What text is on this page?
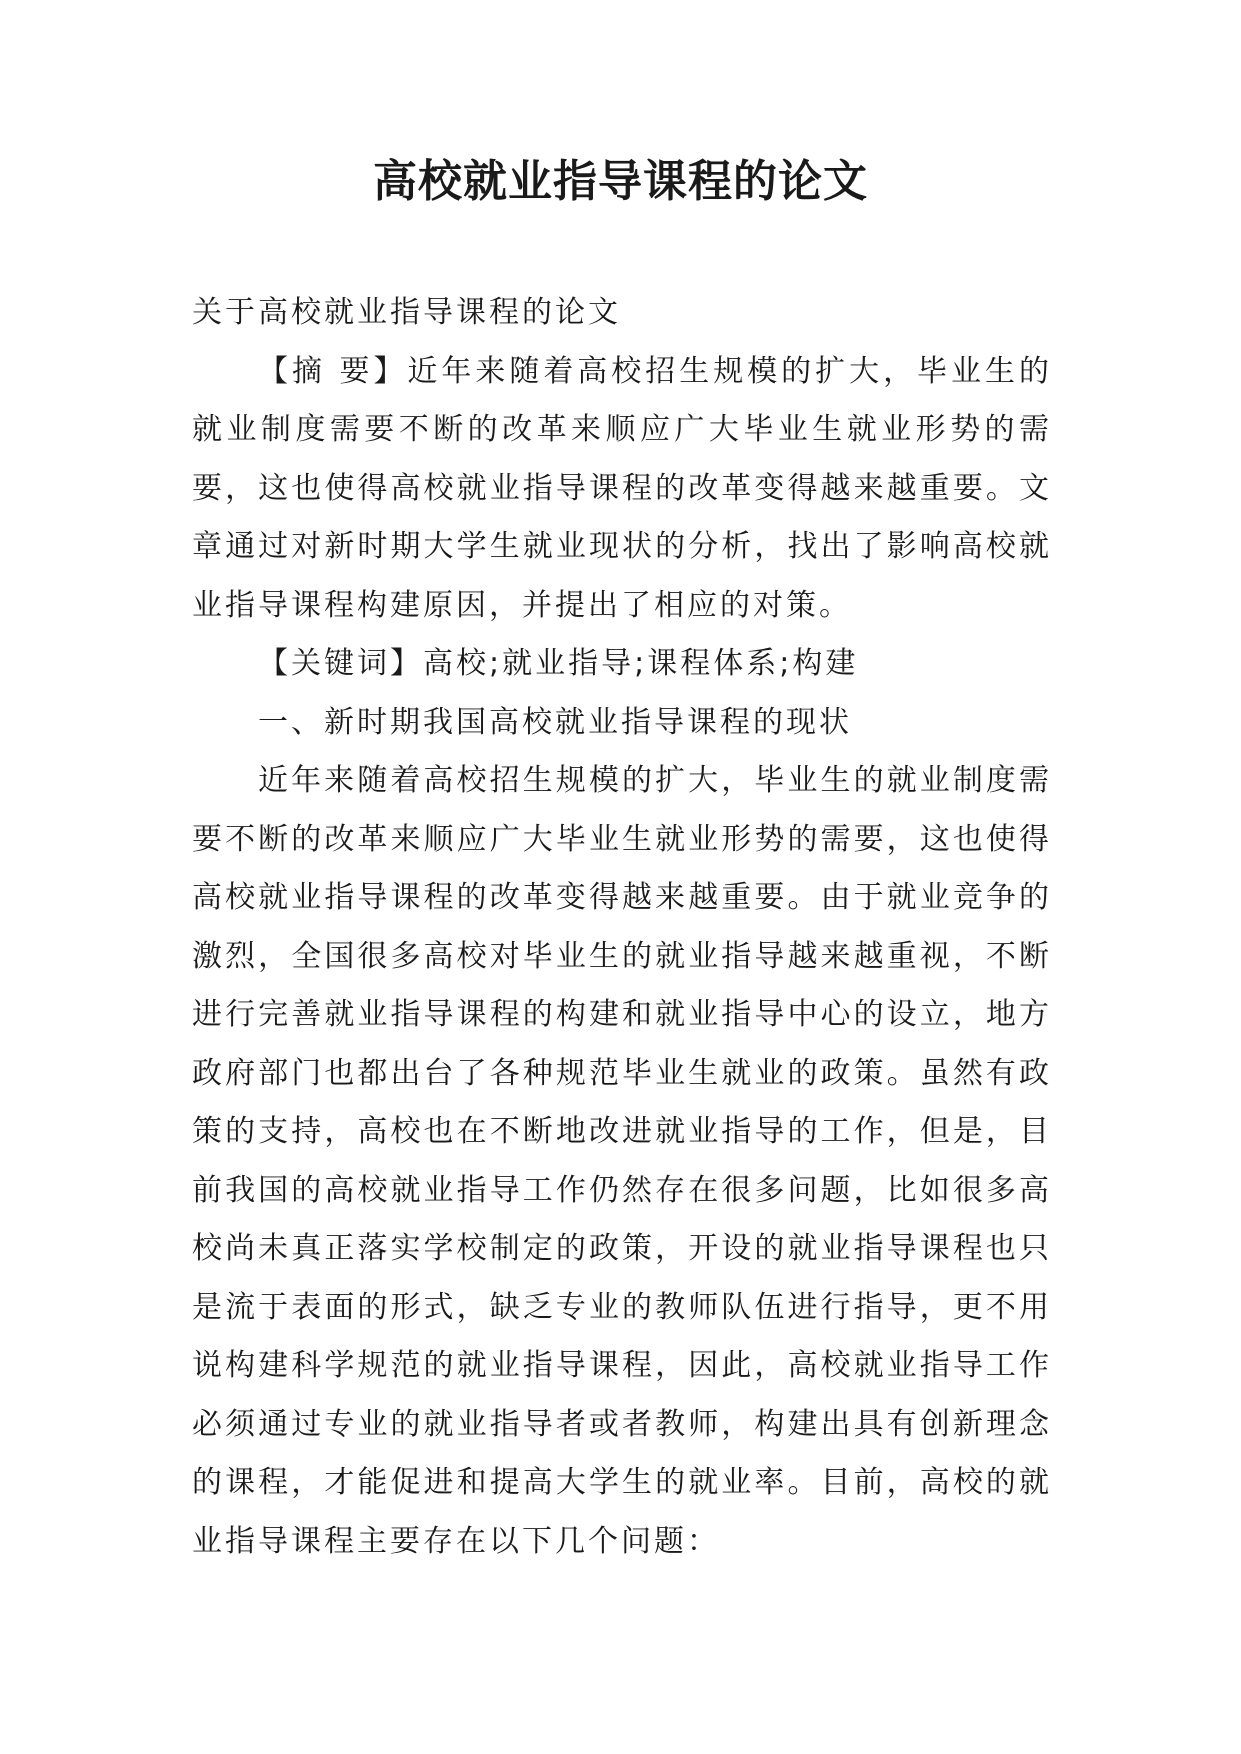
高校就业指导课程的论文

关于高校就业指导课程的论文

【摘 要】近年来随着高校招生规模的扩大，毕业生的就业制度需要不断的改革来顺应广大毕业生就业形势的需要，这也使得高校就业指导课程的改革变得越来越重要。文章通过对新时期大学生就业现状的分析，找出了影响高校就业指导课程构建原因，并提出了相应的对策。

【关键词】高校;就业指导;课程体系;构建

一、新时期我国高校就业指导课程的现状

近年来随着高校招生规模的扩大，毕业生的就业制度需要不断的改革来顺应广大毕业生就业形势的需要，这也使得高校就业指导课程的改革变得越来越重要。由于就业竞争的激烈，全国很多高校对毕业生的就业指导越来越重视，不断进行完善就业指导课程的构建和就业指导中心的设立，地方政府部门也都出台了各种规范毕业生就业的政策。虽然有政策的支持，高校也在不断地改进就业指导的工作，但是，目前我国的高校就业指导工作仍然存在很多问题，比如很多高校尚未真正落实学校制定的政策，开设的就业指导课程也只是流于表面的形式，缺乏专业的教师队伍进行指导，更不用说构建科学规范的就业指导课程，因此，高校就业指导工作必须通过专业的就业指导者或者教师，构建出具有创新理念的课程，才能促进和提高大学生的就业率。目前，高校的就业指导课程主要存在以下几个问题：
